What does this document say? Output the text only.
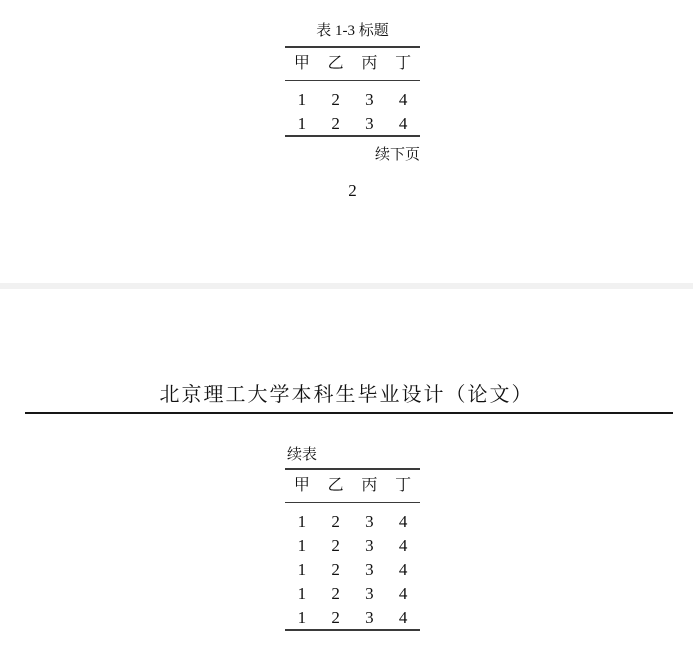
表 1-3 标题
甲	乙	丙	丁
1	2	3	4
1	2	3	4
续下页
2
北京理工大学本科生毕业设计（论文）
续表
甲	乙	丙	丁
1	2	3	4
1	2	3	4
1	2	3	4
1	2	3	4
1	2	3	4
